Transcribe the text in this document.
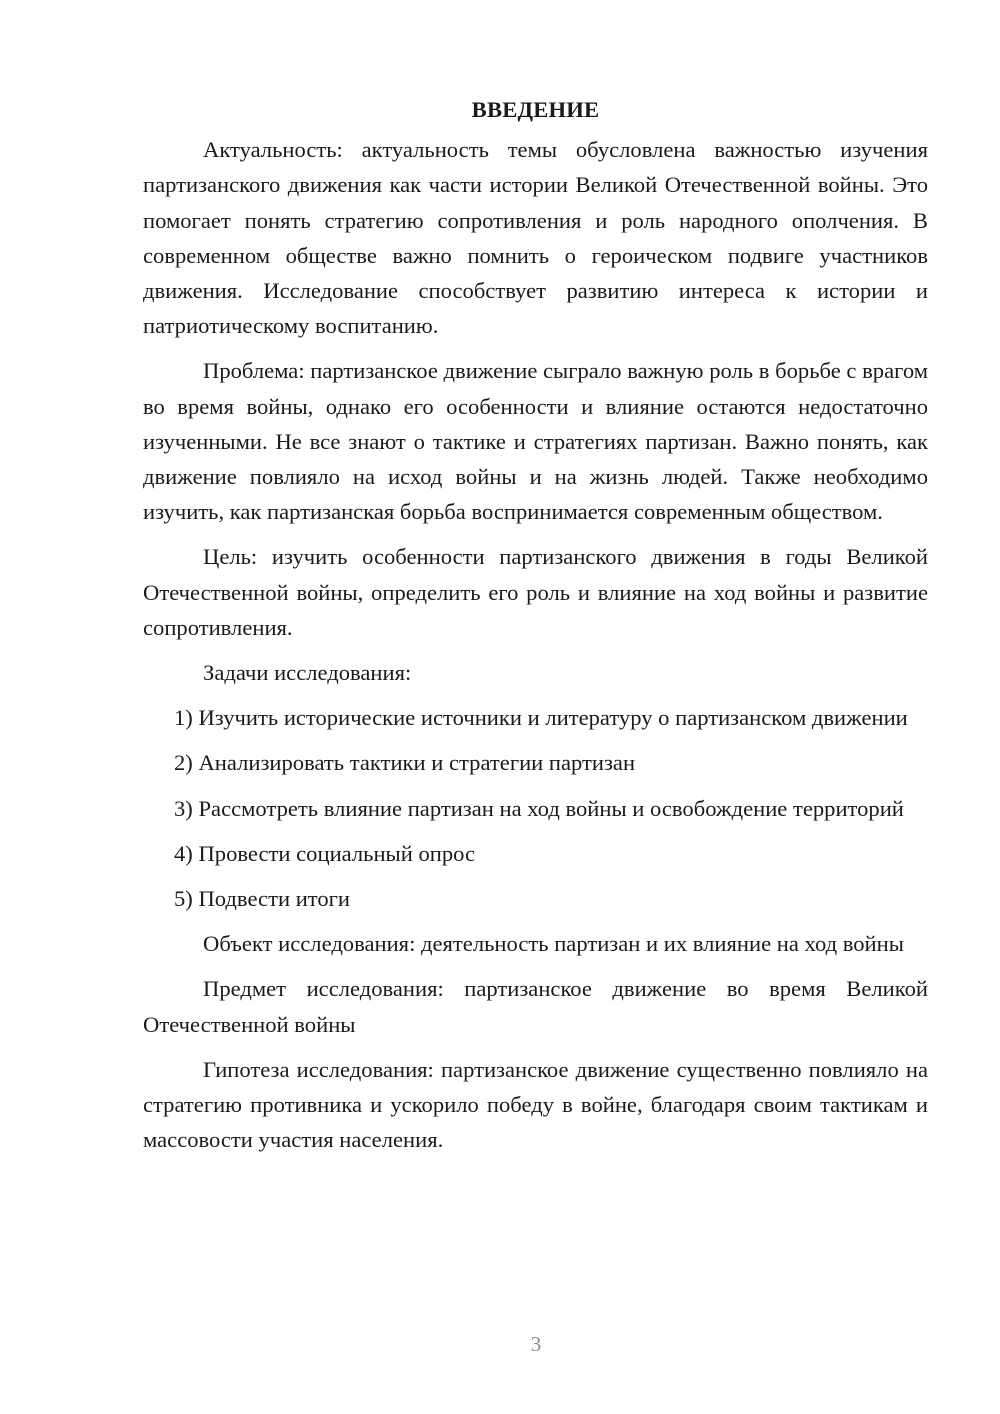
ВВЕДЕНИЕ

Актуальность: актуальность темы обусловлена важностью изучения партизанского движения как части истории Великой Отечественной войны. Это помогает понять стратегию сопротивления и роль народного ополчения. В современном обществе важно помнить о героическом подвиге участников движения. Исследование способствует развитию интереса к истории и патриотическому воспитанию.

Проблема: партизанское движение сыграло важную роль в борьбе с врагом во время войны, однако его особенности и влияние остаются недостаточно изученными. Не все знают о тактике и стратегиях партизан. Важно понять, как движение повлияло на исход войны и на жизнь людей. Также необходимо изучить, как партизанская борьба воспринимается современным обществом.

Цель: изучить особенности партизанского движения в годы Великой Отечественной войны, определить его роль и влияние на ход войны и развитие сопротивления.

Задачи исследования:

1) Изучить исторические источники и литературу о партизанском движении

2) Анализировать тактики и стратегии партизан

3) Рассмотреть влияние партизан на ход войны и освобождение территорий

4) Провести социальный опрос

5) Подвести итоги

Объект исследования: деятельность партизан и их влияние на ход войны

Предмет исследования: партизанское движение во время Великой Отечественной войны

Гипотеза исследования: партизанское движение существенно повлияло на стратегию противника и ускорило победу в войне, благодаря своим тактикам и массовости участия населения.

3
